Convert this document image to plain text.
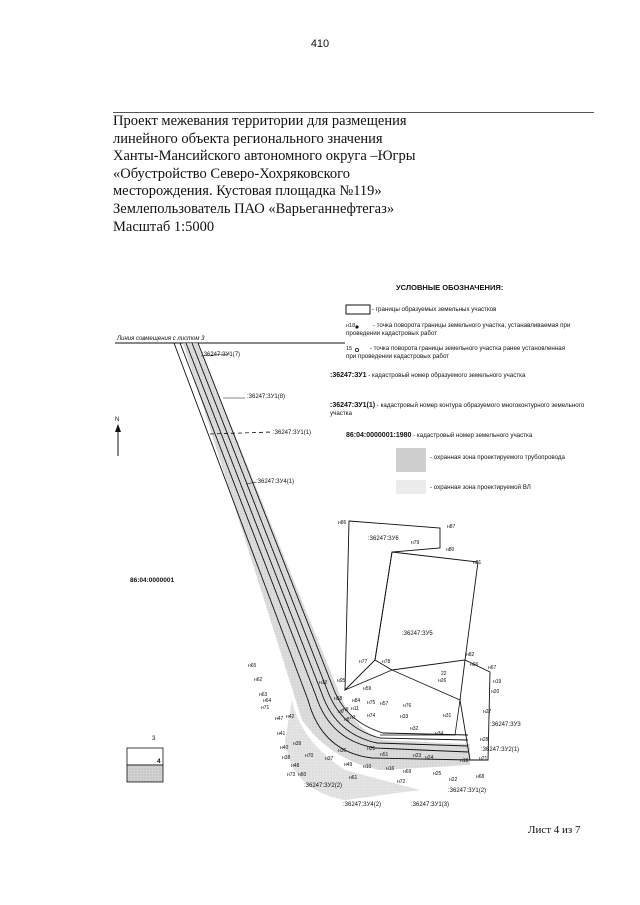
410
Проект межевания территории для размещения
линейного объекта регионального значения
Ханты-Мансийского автономного округа –Югры
«Обустройство Северо-Хохряковского
месторождения. Кустовая площадка №119»
Землепользователь ПАО «Варьеганнефтегаз»
Масштаб 1:5000
УСЛОВНЫЕ ОБОЗНАЧЕНИЯ:
- границы образуемых земельных участков
н18	- точка поворота границы земельного участка, устанавливаемая при проведении кадастровых работ
15	- точка поворота границы земельного участка ранее установленная при проведении кадастровых работ
:36247:ЗУ1 - кадастровый номер образуемого земельного участка
:36247:ЗУ1(1) - кадастровый номер контура образуемого многоконтурного земельного участка
86:04:0000001:1980 - кадастровый номер земельного участка
- охранная зона проектируемого трубопровода
- охранная зона проектируемой ВЛ
Линия совмещения с листом 3
N
:36247:ЗУ1(7)
:36247:ЗУ1(8)
:36247:ЗУ1(1)
:36247:ЗУ4(1)
:36247:ЗУ6
:36247:ЗУ5
:36247:ЗУ3
:36247:ЗУ2(1)
:36247:ЗУ2(2)
:36247:ЗУ1(2)
:36247:ЗУ4(2)	:36247:ЗУ1(3)
86:04:0000001
3
4
н86
н87
н79
н80
н81
н77	н78
н82
н66 н67
22
н26	н19
н20
н65
н62
н63
н64
н12 н95
н58
н59
н84 н75	н76
н71
н42
н11
н57
н33	н31
н27
н6
н7 н74
н32
н34
н28
н47
н41
н39
н38
н40
н70 н37
н36	н35
н51	н23 н24	н18 н21
н48
н73
н49 н10	н16 н69	н25
н22	н68
н72
н60
н9
н8
н61
Лист 4 из 7
